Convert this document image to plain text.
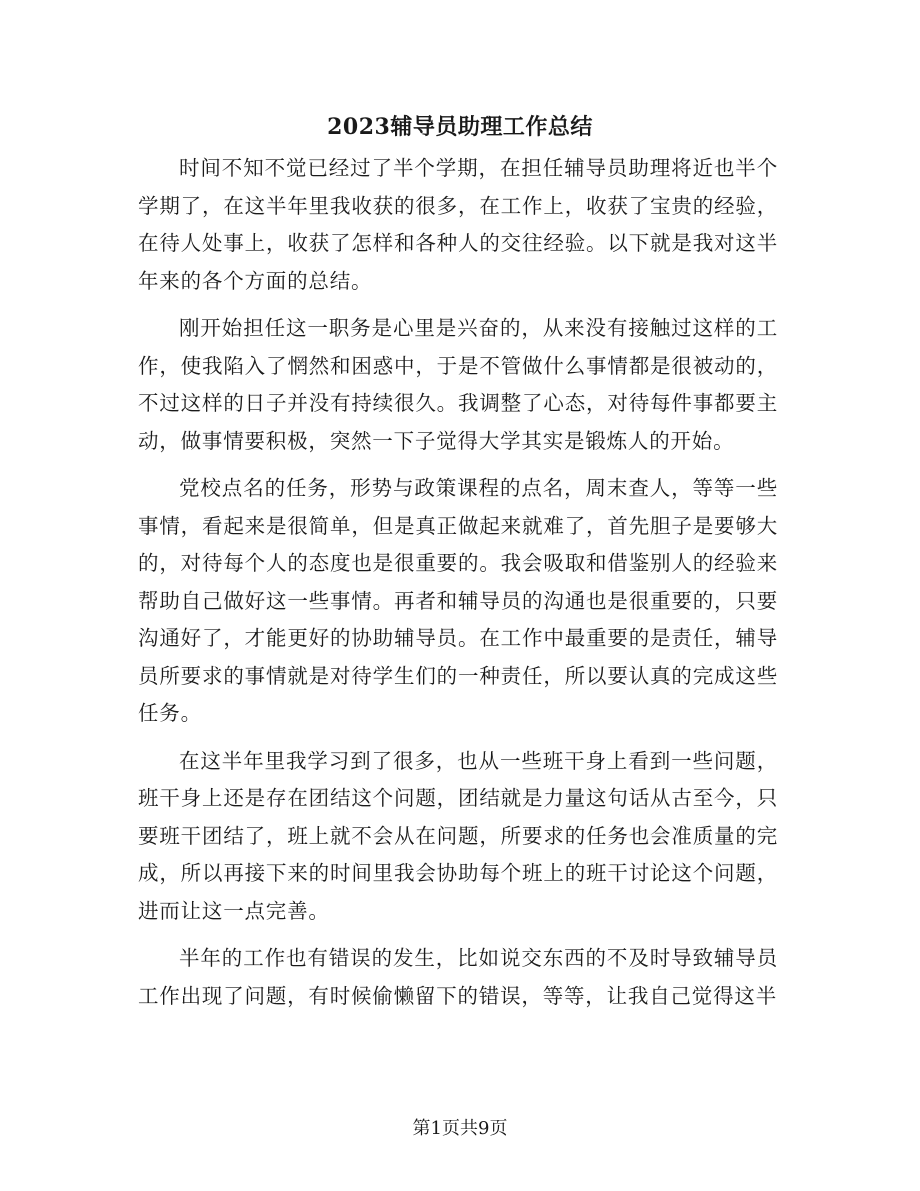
2023辅导员助理工作总结

时间不知不觉已经过了半个学期，在担任辅导员助理将近也半个学期了，在这半年里我收获的很多，在工作上，收获了宝贵的经验，在待人处事上，收获了怎样和各种人的交往经验。以下就是我对这半年来的各个方面的总结。

刚开始担任这一职务是心里是兴奋的，从来没有接触过这样的工作，使我陷入了惘然和困惑中，于是不管做什么事情都是很被动的，不过这样的日子并没有持续很久。我调整了心态，对待每件事都要主动，做事情要积极，突然一下子觉得大学其实是锻炼人的开始。

党校点名的任务，形势与政策课程的点名，周末查人，等等一些事情，看起来是很简单，但是真正做起来就难了，首先胆子是要够大的，对待每个人的态度也是很重要的。我会吸取和借鉴别人的经验来帮助自己做好这一些事情。再者和辅导员的沟通也是很重要的，只要沟通好了，才能更好的协助辅导员。在工作中最重要的是责任，辅导员所要求的事情就是对待学生们的一种责任，所以要认真的完成这些任务。

在这半年里我学习到了很多，也从一些班干身上看到一些问题，班干身上还是存在团结这个问题，团结就是力量这句话从古至今，只要班干团结了，班上就不会从在问题，所要求的任务也会准质量的完成，所以再接下来的时间里我会协助每个班上的班干讨论这个问题，进而让这一点完善。

半年的工作也有错误的发生，比如说交东西的不及时导致辅导员工作出现了问题，有时候偷懒留下的错误，等等，让我自己觉得这半

第1页共9页
